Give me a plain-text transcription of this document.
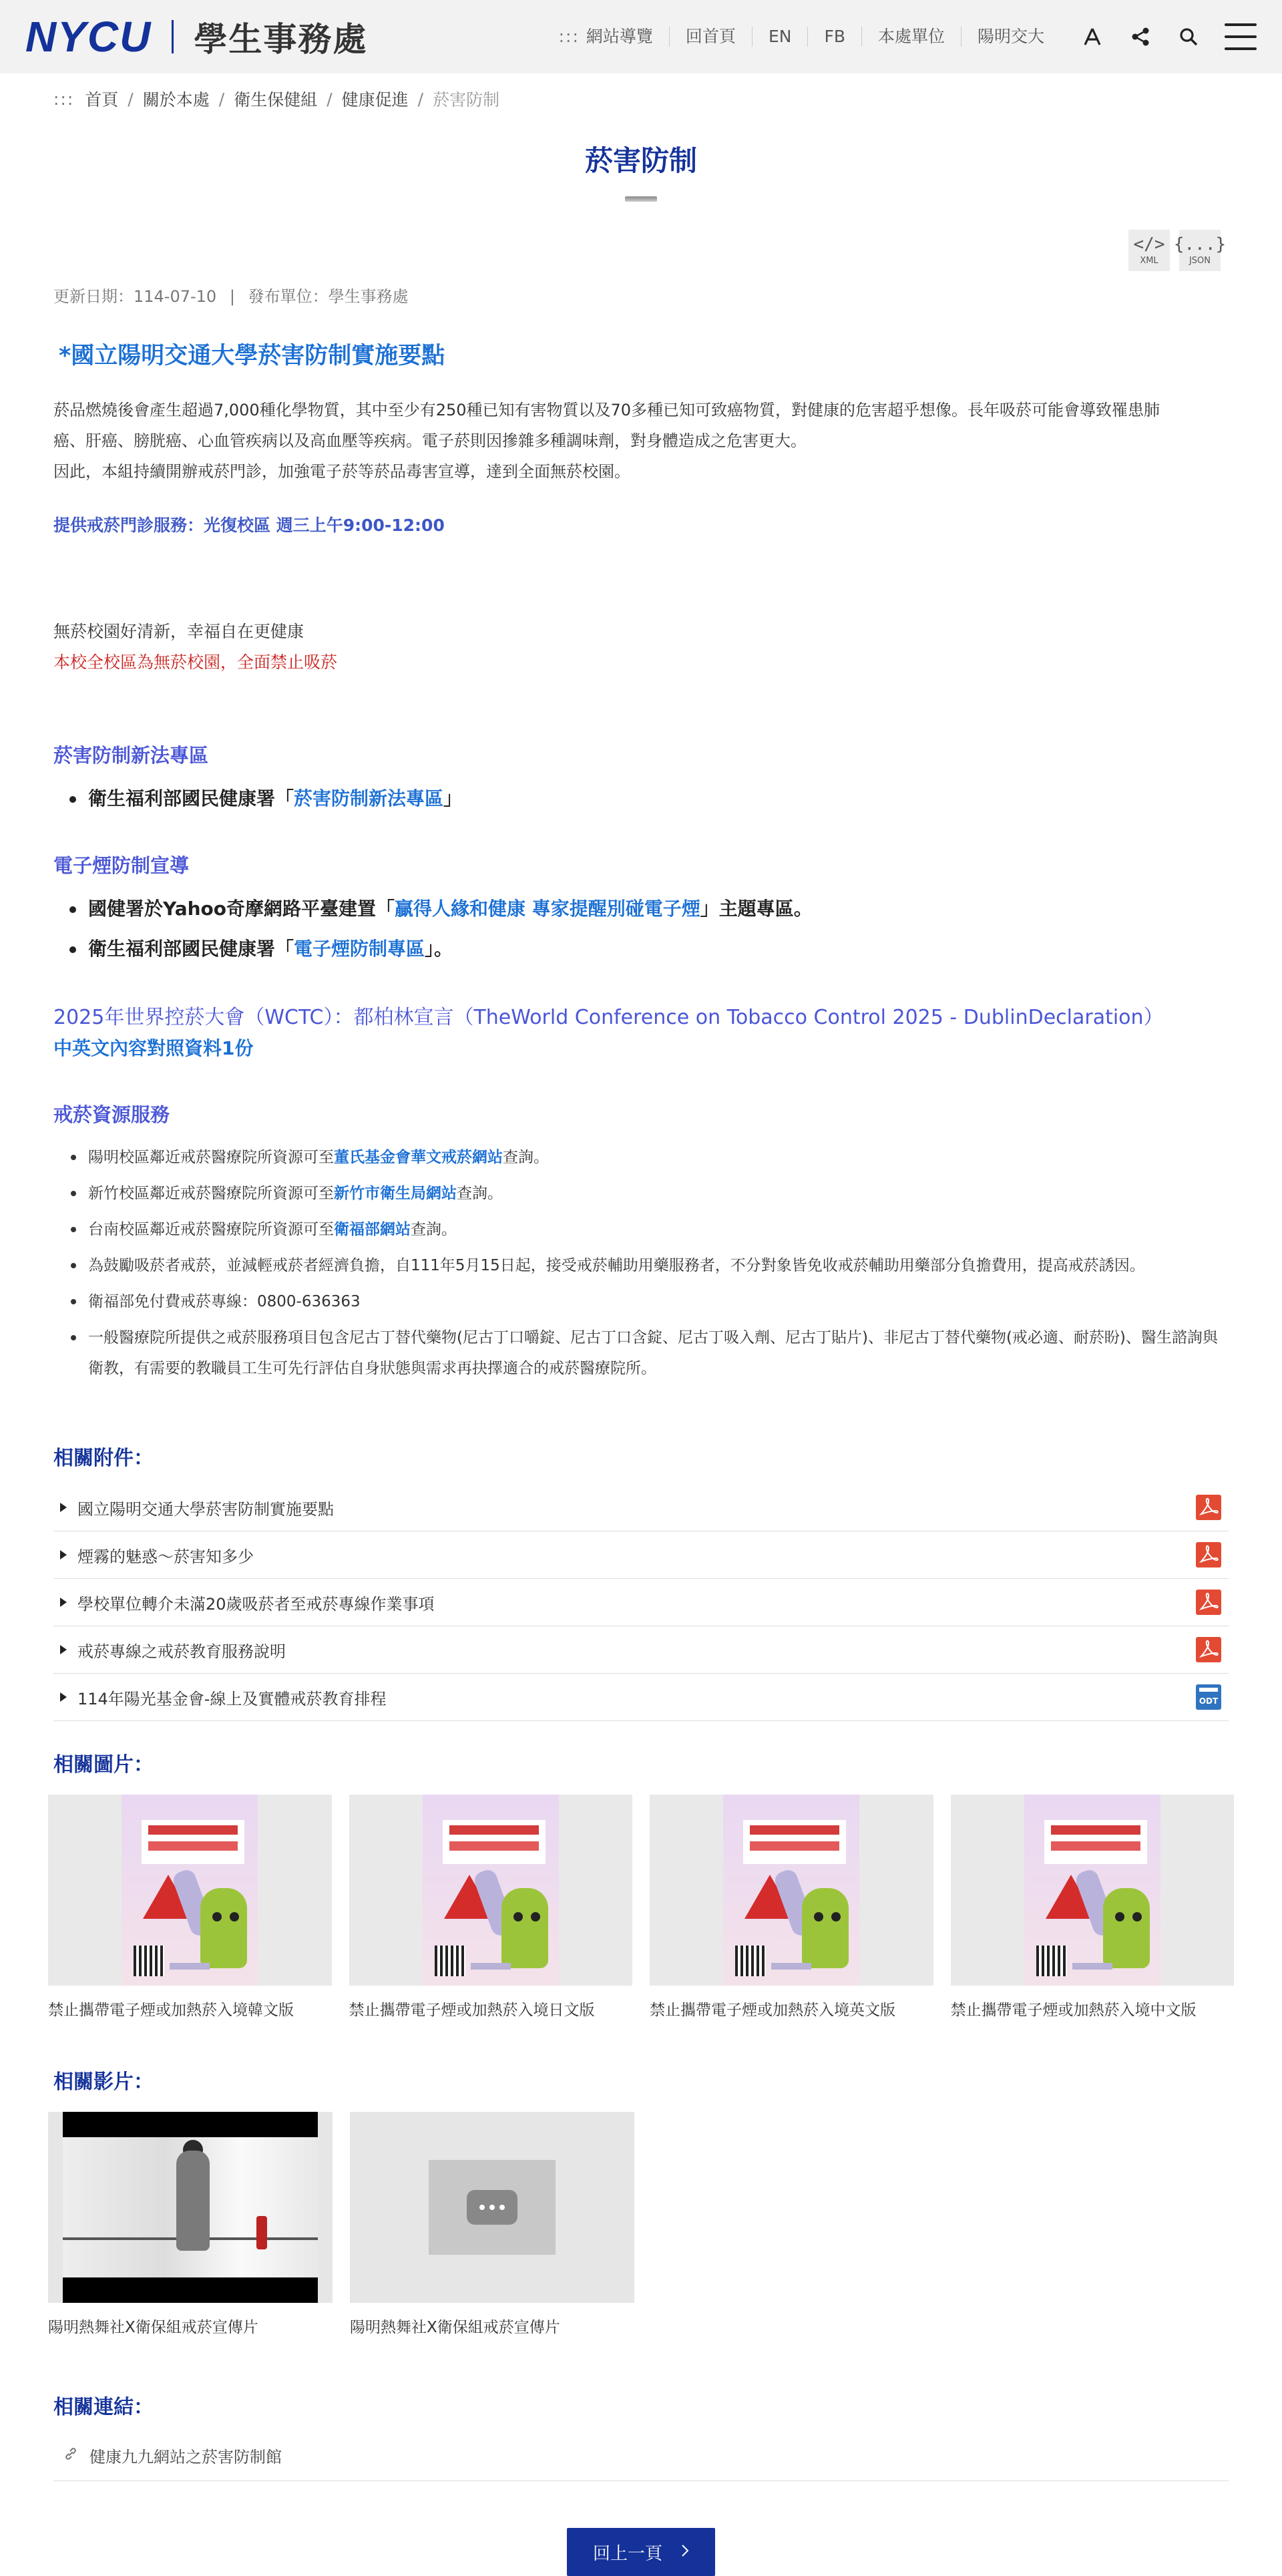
NYCU 學生事務處	::: 網站導覽	回首頁	EN	FB	本處單位	陽明交大
::: 首頁 / 關於本處 / 衛生保健組 / 健康促進 / 菸害防制
菸害防制
</>
XML
{...}
JSON
更新日期：114-07-10 | 發布單位：學生事務處
*國立陽明交通大學菸害防制實施要點
菸品燃燒後會產生超過7,000種化學物質，其中至少有250種已知有害物質以及70多種已知可致癌物質，對健康的危害超乎想像。長年吸菸可能會導致罹患肺
癌、肝癌、膀胱癌、心血管疾病以及高血壓等疾病。電子菸則因摻雜多種調味劑，對身體造成之危害更大。
因此，本組持續開辦戒菸門診，加強電子菸等菸品毒害宣導，達到全面無菸校園。
提供戒菸門診服務：光復校區 週三上午9:00-12:00
無菸校園好清新，幸福自在更健康
本校全校區為無菸校園，全面禁止吸菸
菸害防制新法專區
衛生福利部國民健康署「菸害防制新法專區」
電子煙防制宣導
國健署於Yahoo奇摩網路平臺建置「贏得人緣和健康 專家提醒別碰電子煙」主題專區。
衛生福利部國民健康署「電子煙防制專區」。
2025年世界控菸大會（WCTC）：都柏林宣言（TheWorld Conference on Tobacco Control 2025 - DublinDeclaration）
中英文內容對照資料1份
戒菸資源服務
陽明校區鄰近戒菸醫療院所資源可至董氏基金會華文戒菸網站查詢。
新竹校區鄰近戒菸醫療院所資源可至新竹市衛生局網站查詢。
台南校區鄰近戒菸醫療院所資源可至衛福部網站查詢。
為鼓勵吸菸者戒菸，並減輕戒菸者經濟負擔，自111年5月15日起，接受戒菸輔助用藥服務者，不分對象皆免收戒菸輔助用藥部分負擔費用，提高戒菸誘因。
衛福部免付費戒菸專線：0800-636363
一般醫療院所提供之戒菸服務項目包含尼古丁替代藥物(尼古丁口嚼錠、尼古丁口含錠、尼古丁吸入劑、尼古丁貼片)、非尼古丁替代藥物(戒必適、耐菸盼)、醫生諮詢與衛教，有需要的教職員工生可先行評估自身狀態與需求再抉擇適合的戒菸醫療院所。
相關附件：
國立陽明交通大學菸害防制實施要點
煙霧的魅惑～菸害知多少
學校單位轉介未滿20歲吸菸者至戒菸專線作業事項
戒菸專線之戒菸教育服務說明
114年陽光基金會-線上及實體戒菸教育排程	ODT
相關圖片：
禁止攜帶電子煙或加熱菸入境韓文版	禁止攜帶電子煙或加熱菸入境日文版	禁止攜帶電子煙或加熱菸入境英文版	禁止攜帶電子煙或加熱菸入境中文版
相關影片：
陽明熱舞社X衛保組戒菸宣傳片	陽明熱舞社X衛保組戒菸宣傳片
相關連結：
健康九九網站之菸害防制館
回上一頁
